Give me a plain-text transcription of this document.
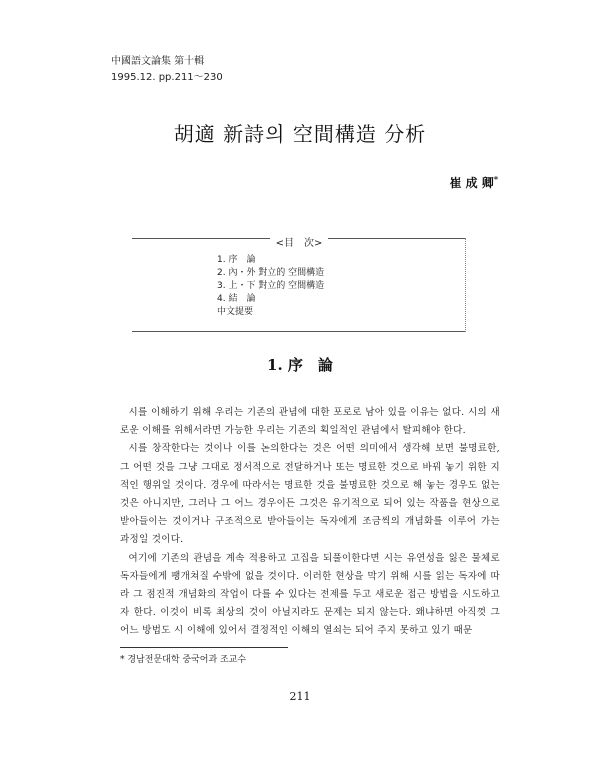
中國語文論集 第十輯
1995.12. pp.211～230
胡適 新詩의 空間構造 分析
崔 成 卿*
<目　次>
1. 序　論
2. 內・外 對立的 空間構造
3. 上・下 對立的 空間構造
4. 結　論
中文提要
1. 序　論

시를 이해하기 위해 우리는 기존의 관념에 대한 포로로 남아 있을 이유는 없다. 시의 새로운 이해를 위해서라면 가능한 우리는 기존의 획일적인 관념에서 탈피해야 한다.

시를 창작한다는 것이나 이를 논의한다는 것은 어떤 의미에서 생각해 보면 불명료한, 그 어떤 것을 그냥 그대로 정서적으로 전달하거나 또는 명료한 것으로 바꿔 놓기 위한 지적인 행위일 것이다. 경우에 따라서는 명료한 것을 불명료한 것으로 해 놓는 경우도 없는 것은 아니지만, 그러나 그 어느 경우이든 그것은 유기적으로 되어 있는 작품을 현상으로 받아들이는 것이거나 구조적으로 받아들이는 독자에게 조금씩의 개념화를 이루어 가는 과정일 것이다.

여기에 기존의 관념을 계속 적용하고 고집을 되풀이한다면 시는 유연성을 잃은 물체로 독자들에게 팽개쳐질 수밖에 없을 것이다. 이러한 현상을 막기 위해 시를 읽는 독자에 따라 그 점진적 개념화의 작업이 다를 수 있다는 전제를 두고 새로운 접근 방법을 시도하고자 한다. 이것이 비록 최상의 것이 아닐지라도 문제는 되지 않는다. 왜냐하면 아직껏 그 어느 방법도 시 이해에 있어서 결정적인 이해의 열쇠는 되어 주지 못하고 있기 때문

* 경남전문대학 중국어과 조교수
211
